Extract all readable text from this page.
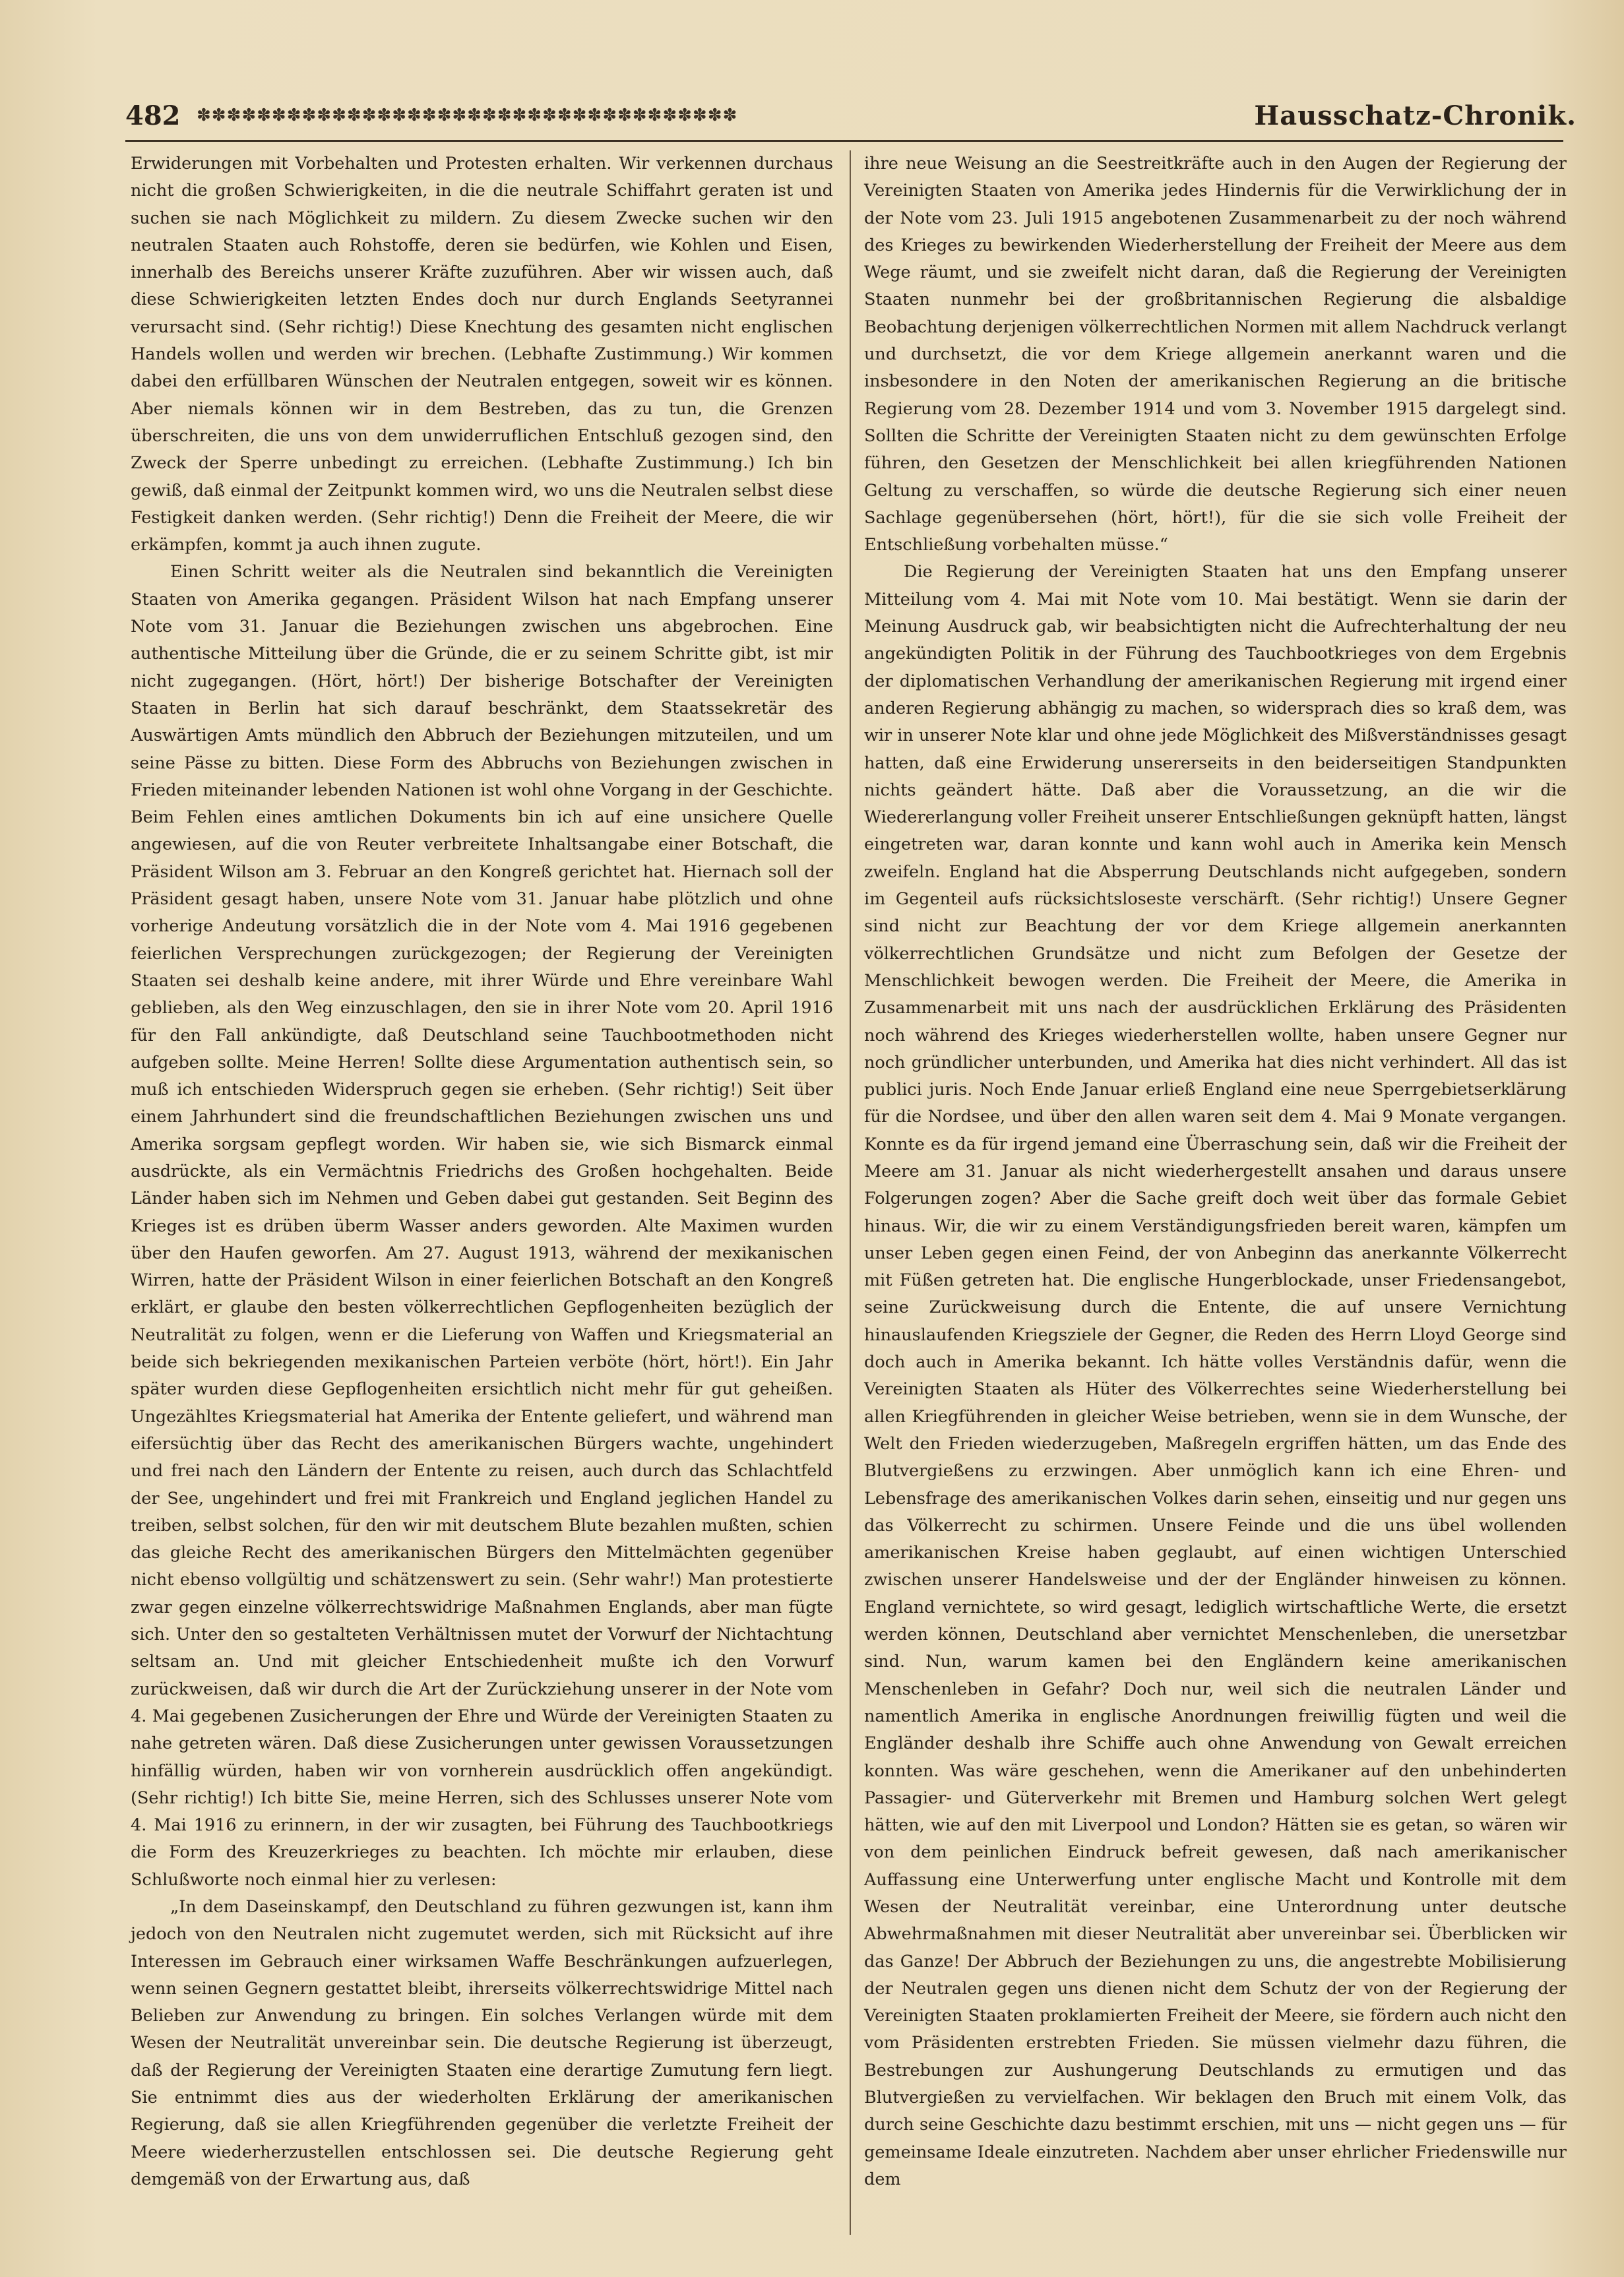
482 ✽✽✽✽✽✽✽✽✽✽✽✽✽✽✽✽✽✽✽✽✽✽✽✽✽✽✽✽✽✽✽✽✽✽✽✽	Hausschatz-Chronik.

Erwiderungen mit Vorbehalten und Protesten erhalten. Wir verkennen durchaus nicht die großen Schwierigkeiten, in die die neutrale Schiffahrt geraten ist und suchen sie nach Möglichkeit zu mildern. Zu diesem Zwecke suchen wir den neutralen Staaten auch Rohstoffe, deren sie bedürfen, wie Kohlen und Eisen, innerhalb des Bereichs unserer Kräfte zuzuführen. Aber wir wissen auch, daß diese Schwierigkeiten letzten Endes doch nur durch Englands Seetyrannei verursacht sind. (Sehr richtig!) Diese Knechtung des gesamten nicht englischen Handels wollen und werden wir brechen. (Lebhafte Zustimmung.) Wir kommen dabei den erfüllbaren Wünschen der Neutralen entgegen, soweit wir es können. Aber niemals können wir in dem Bestreben, das zu tun, die Grenzen überschreiten, die uns von dem unwiderruflichen Entschluß gezogen sind, den Zweck der Sperre unbedingt zu erreichen. (Lebhafte Zustimmung.) Ich bin gewiß, daß einmal der Zeitpunkt kommen wird, wo uns die Neutralen selbst diese Festigkeit danken werden. (Sehr richtig!) Denn die Freiheit der Meere, die wir erkämpfen, kommt ja auch ihnen zugute.

Einen Schritt weiter als die Neutralen sind bekanntlich die Vereinigten Staaten von Amerika gegangen. Präsident Wilson hat nach Empfang unserer Note vom 31. Januar die Beziehungen zwischen uns abgebrochen. Eine authentische Mitteilung über die Gründe, die er zu seinem Schritte gibt, ist mir nicht zugegangen. (Hört, hört!) Der bisherige Botschafter der Vereinigten Staaten in Berlin hat sich darauf beschränkt, dem Staatssekretär des Auswärtigen Amts mündlich den Abbruch der Beziehungen mitzuteilen, und um seine Pässe zu bitten. Diese Form des Abbruchs von Beziehungen zwischen in Frieden miteinander lebenden Nationen ist wohl ohne Vorgang in der Geschichte. Beim Fehlen eines amtlichen Dokuments bin ich auf eine unsichere Quelle angewiesen, auf die von Reuter verbreitete Inhaltsangabe einer Botschaft, die Präsident Wilson am 3. Februar an den Kongreß gerichtet hat. Hiernach soll der Präsident gesagt haben, unsere Note vom 31. Januar habe plötzlich und ohne vorherige Andeutung vorsätzlich die in der Note vom 4. Mai 1916 gegebenen feierlichen Versprechungen zurückgezogen; der Regierung der Vereinigten Staaten sei deshalb keine andere, mit ihrer Würde und Ehre vereinbare Wahl geblieben, als den Weg einzuschlagen, den sie in ihrer Note vom 20. April 1916 für den Fall ankündigte, daß Deutschland seine Tauchbootmethoden nicht aufgeben sollte. Meine Herren! Sollte diese Argumentation authentisch sein, so muß ich entschieden Widerspruch gegen sie erheben. (Sehr richtig!) Seit über einem Jahrhundert sind die freundschaftlichen Beziehungen zwischen uns und Amerika sorgsam gepflegt worden. Wir haben sie, wie sich Bismarck einmal ausdrückte, als ein Vermächtnis Friedrichs des Großen hochgehalten. Beide Länder haben sich im Nehmen und Geben dabei gut gestanden. Seit Beginn des Krieges ist es drüben überm Wasser anders geworden. Alte Maximen wurden über den Haufen geworfen. Am 27. August 1913, während der mexikanischen Wirren, hatte der Präsident Wilson in einer feierlichen Botschaft an den Kongreß erklärt, er glaube den besten völkerrechtlichen Gepflogenheiten bezüglich der Neutralität zu folgen, wenn er die Lieferung von Waffen und Kriegsmaterial an beide sich bekriegenden mexikanischen Parteien verböte (hört, hört!). Ein Jahr später wurden diese Gepflogenheiten ersichtlich nicht mehr für gut geheißen. Ungezähltes Kriegsmaterial hat Amerika der Entente geliefert, und während man eifersüchtig über das Recht des amerikanischen Bürgers wachte, ungehindert und frei nach den Ländern der Entente zu reisen, auch durch das Schlachtfeld der See, ungehindert und frei mit Frankreich und England jeglichen Handel zu treiben, selbst solchen, für den wir mit deutschem Blute bezahlen mußten, schien das gleiche Recht des amerikanischen Bürgers den Mittelmächten gegenüber nicht ebenso vollgültig und schätzenswert zu sein. (Sehr wahr!) Man protestierte zwar gegen einzelne völkerrechtswidrige Maßnahmen Englands, aber man fügte sich. Unter den so gestalteten Verhältnissen mutet der Vorwurf der Nichtachtung seltsam an. Und mit gleicher Entschiedenheit mußte ich den Vorwurf zurückweisen, daß wir durch die Art der Zurückziehung unserer in der Note vom 4. Mai gegebenen Zusicherungen der Ehre und Würde der Vereinigten Staaten zu nahe getreten wären. Daß diese Zusicherungen unter gewissen Voraussetzungen hinfällig würden, haben wir von vornherein ausdrücklich offen angekündigt. (Sehr richtig!) Ich bitte Sie, meine Herren, sich des Schlusses unserer Note vom 4. Mai 1916 zu erinnern, in der wir zusagten, bei Führung des Tauchbootkriegs die Form des Kreuzerkrieges zu beachten. Ich möchte mir erlauben, diese Schlußworte noch einmal hier zu verlesen:

„In dem Daseinskampf, den Deutschland zu führen gezwungen ist, kann ihm jedoch von den Neutralen nicht zugemutet werden, sich mit Rücksicht auf ihre Interessen im Gebrauch einer wirksamen Waffe Beschränkungen aufzuerlegen, wenn seinen Gegnern gestattet bleibt, ihrerseits völkerrechtswidrige Mittel nach Belieben zur Anwendung zu bringen. Ein solches Verlangen würde mit dem Wesen der Neutralität unvereinbar sein. Die deutsche Regierung ist überzeugt, daß der Regierung der Vereinigten Staaten eine derartige Zumutung fern liegt. Sie entnimmt dies aus der wiederholten Erklärung der amerikanischen Regierung, daß sie allen Kriegführenden gegenüber die verletzte Freiheit der Meere wiederherzustellen entschlossen sei. Die deutsche Regierung geht demgemäß von der Erwartung aus, daß

ihre neue Weisung an die Seestreitkräfte auch in den Augen der Regierung der Vereinigten Staaten von Amerika jedes Hindernis für die Verwirklichung der in der Note vom 23. Juli 1915 angebotenen Zusammenarbeit zu der noch während des Krieges zu bewirkenden Wiederherstellung der Freiheit der Meere aus dem Wege räumt, und sie zweifelt nicht daran, daß die Regierung der Vereinigten Staaten nunmehr bei der großbritannischen Regierung die alsbaldige Beobachtung derjenigen völkerrechtlichen Normen mit allem Nachdruck verlangt und durchsetzt, die vor dem Kriege allgemein anerkannt waren und die insbesondere in den Noten der amerikanischen Regierung an die britische Regierung vom 28. Dezember 1914 und vom 3. November 1915 dargelegt sind. Sollten die Schritte der Vereinigten Staaten nicht zu dem gewünschten Erfolge führen, den Gesetzen der Menschlichkeit bei allen kriegführenden Nationen Geltung zu verschaffen, so würde die deutsche Regierung sich einer neuen Sachlage gegenübersehen (hört, hört!), für die sie sich volle Freiheit der Entschließung vorbehalten müsse.“

Die Regierung der Vereinigten Staaten hat uns den Empfang unserer Mitteilung vom 4. Mai mit Note vom 10. Mai bestätigt. Wenn sie darin der Meinung Ausdruck gab, wir beabsichtigten nicht die Aufrechterhaltung der neu angekündigten Politik in der Führung des Tauchbootkrieges von dem Ergebnis der diplomatischen Verhandlung der amerikanischen Regierung mit irgend einer anderen Regierung abhängig zu machen, so widersprach dies so kraß dem, was wir in unserer Note klar und ohne jede Möglichkeit des Mißverständnisses gesagt hatten, daß eine Erwiderung unsererseits in den beiderseitigen Standpunkten nichts geändert hätte. Daß aber die Voraussetzung, an die wir die Wiedererlangung voller Freiheit unserer Entschließungen geknüpft hatten, längst eingetreten war, daran konnte und kann wohl auch in Amerika kein Mensch zweifeln. England hat die Absperrung Deutschlands nicht aufgegeben, sondern im Gegenteil aufs rücksichtsloseste verschärft. (Sehr richtig!) Unsere Gegner sind nicht zur Beachtung der vor dem Kriege allgemein anerkannten völkerrechtlichen Grundsätze und nicht zum Befolgen der Gesetze der Menschlichkeit bewogen werden. Die Freiheit der Meere, die Amerika in Zusammenarbeit mit uns nach der ausdrücklichen Erklärung des Präsidenten noch während des Krieges wiederherstellen wollte, haben unsere Gegner nur noch gründlicher unterbunden, und Amerika hat dies nicht verhindert. All das ist publici juris. Noch Ende Januar erließ England eine neue Sperrgebietserklärung für die Nordsee, und über den allen waren seit dem 4. Mai 9 Monate vergangen. Konnte es da für irgend jemand eine Überraschung sein, daß wir die Freiheit der Meere am 31. Januar als nicht wiederhergestellt ansahen und daraus unsere Folgerungen zogen? Aber die Sache greift doch weit über das formale Gebiet hinaus. Wir, die wir zu einem Verständigungsfrieden bereit waren, kämpfen um unser Leben gegen einen Feind, der von Anbeginn das anerkannte Völkerrecht mit Füßen getreten hat. Die englische Hungerblockade, unser Friedensangebot, seine Zurückweisung durch die Entente, die auf unsere Vernichtung hinauslaufenden Kriegsziele der Gegner, die Reden des Herrn Lloyd George sind doch auch in Amerika bekannt. Ich hätte volles Verständnis dafür, wenn die Vereinigten Staaten als Hüter des Völkerrechtes seine Wiederherstellung bei allen Kriegführenden in gleicher Weise betrieben, wenn sie in dem Wunsche, der Welt den Frieden wiederzugeben, Maßregeln ergriffen hätten, um das Ende des Blutvergießens zu erzwingen. Aber unmöglich kann ich eine Ehren- und Lebensfrage des amerikanischen Volkes darin sehen, einseitig und nur gegen uns das Völkerrecht zu schirmen. Unsere Feinde und die uns übel wollenden amerikanischen Kreise haben geglaubt, auf einen wichtigen Unterschied zwischen unserer Handelsweise und der der Engländer hinweisen zu können. England vernichtete, so wird gesagt, lediglich wirtschaftliche Werte, die ersetzt werden können, Deutschland aber vernichtet Menschenleben, die unersetzbar sind. Nun, warum kamen bei den Engländern keine amerikanischen Menschenleben in Gefahr? Doch nur, weil sich die neutralen Länder und namentlich Amerika in englische Anordnungen freiwillig fügten und weil die Engländer deshalb ihre Schiffe auch ohne Anwendung von Gewalt erreichen konnten. Was wäre geschehen, wenn die Amerikaner auf den unbehinderten Passagier- und Güterverkehr mit Bremen und Hamburg solchen Wert gelegt hätten, wie auf den mit Liverpool und London? Hätten sie es getan, so wären wir von dem peinlichen Eindruck befreit gewesen, daß nach amerikanischer Auffassung eine Unterwerfung unter englische Macht und Kontrolle mit dem Wesen der Neutralität vereinbar, eine Unterordnung unter deutsche Abwehrmaßnahmen mit dieser Neutralität aber unvereinbar sei. Überblicken wir das Ganze! Der Abbruch der Beziehungen zu uns, die angestrebte Mobilisierung der Neutralen gegen uns dienen nicht dem Schutz der von der Regierung der Vereinigten Staaten proklamierten Freiheit der Meere, sie fördern auch nicht den vom Präsidenten erstrebten Frieden. Sie müssen vielmehr dazu führen, die Bestrebungen zur Aushungerung Deutschlands zu ermutigen und das Blutvergießen zu vervielfachen. Wir beklagen den Bruch mit einem Volk, das durch seine Geschichte dazu bestimmt erschien, mit uns — nicht gegen uns — für gemeinsame Ideale einzutreten. Nachdem aber unser ehrlicher Friedenswille nur dem
